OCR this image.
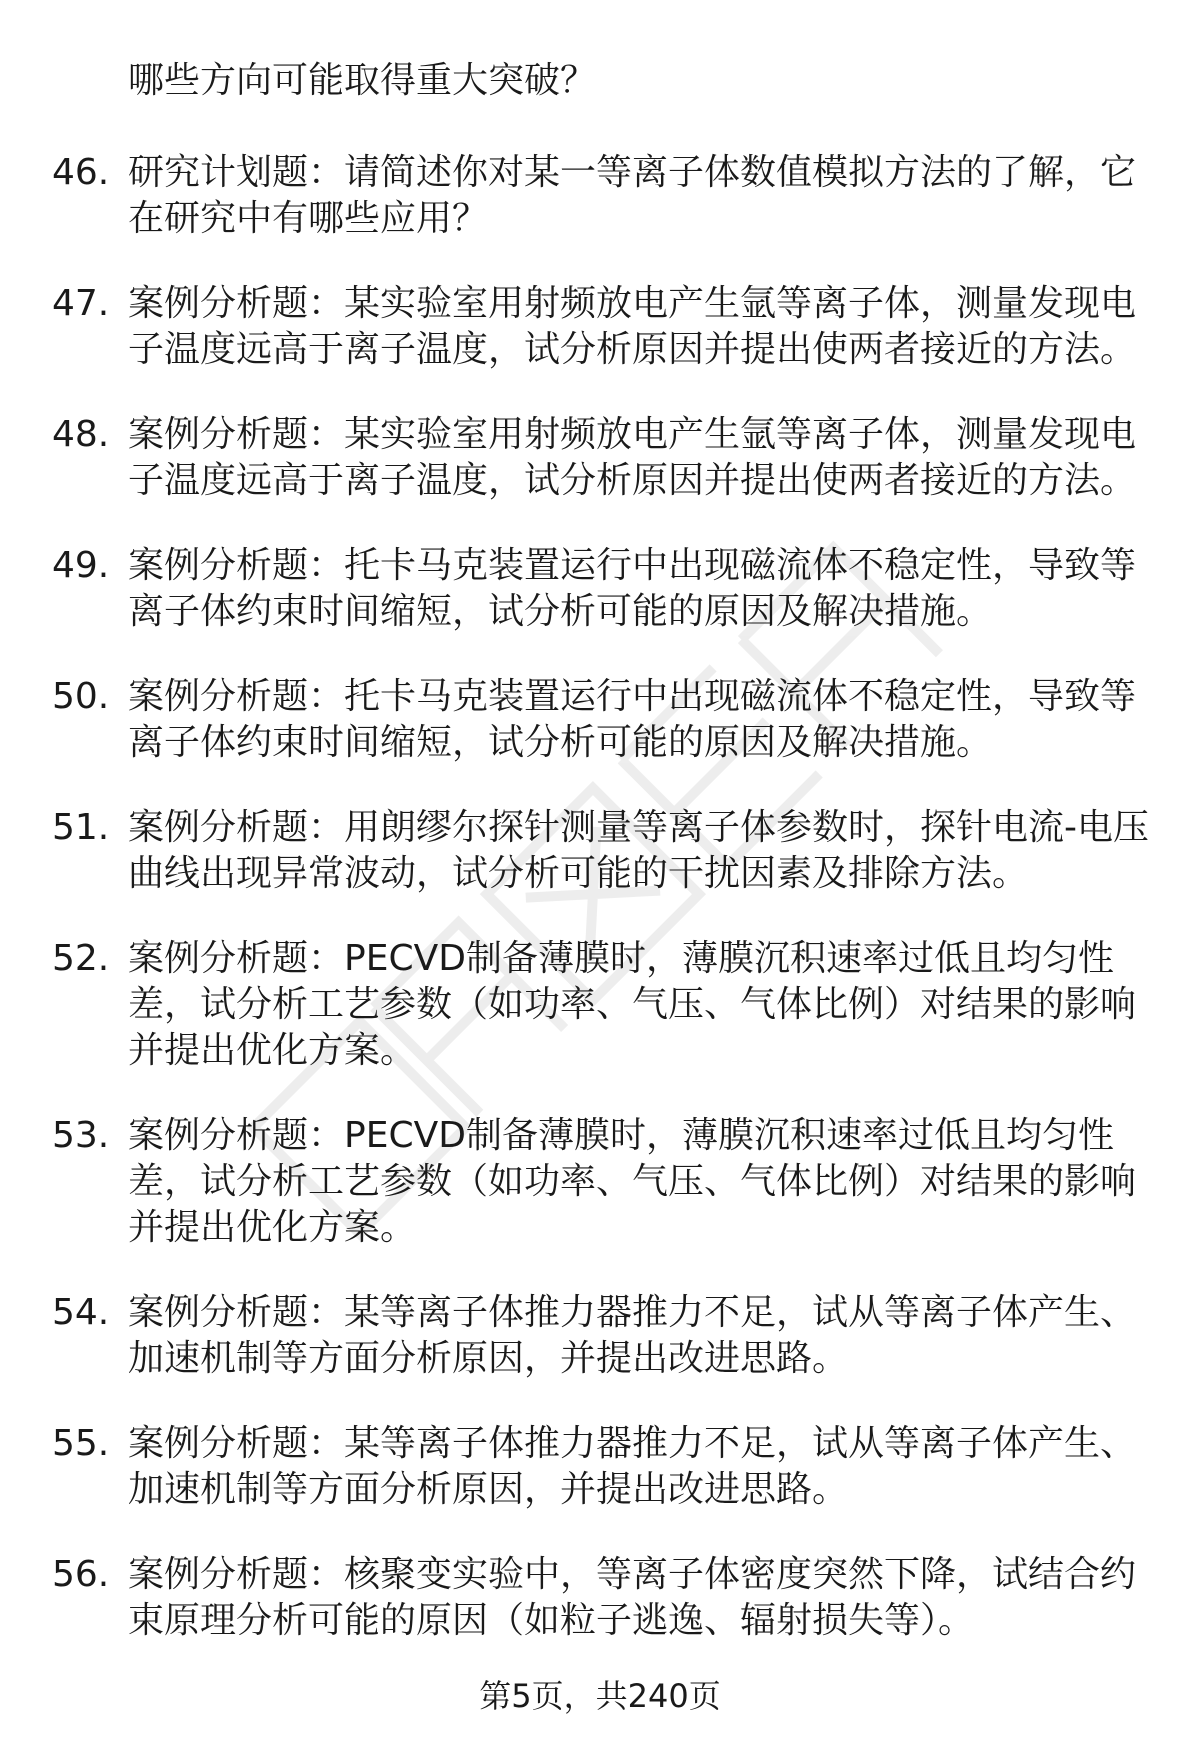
哪些方向可能取得重大突破？

46. 研究计划题：请简述你对某一等离子体数值模拟方法的了解，它在研究中有哪些应用？
47. 案例分析题：某实验室用射频放电产生氩等离子体，测量发现电子温度远高于离子温度，试分析原因并提出使两者接近的方法。
48. 案例分析题：某实验室用射频放电产生氩等离子体，测量发现电子温度远高于离子温度，试分析原因并提出使两者接近的方法。
49. 案例分析题：托卡马克装置运行中出现磁流体不稳定性，导致等离子体约束时间缩短，试分析可能的原因及解决措施。
50. 案例分析题：托卡马克装置运行中出现磁流体不稳定性，导致等离子体约束时间缩短，试分析可能的原因及解决措施。
51. 案例分析题：用朗缪尔探针测量等离子体参数时，探针电流-电压曲线出现异常波动，试分析可能的干扰因素及排除方法。
52. 案例分析题：PECVD制备薄膜时，薄膜沉积速率过低且均匀性差，试分析工艺参数（如功率、气压、气体比例）对结果的影响并提出优化方案。
53. 案例分析题：PECVD制备薄膜时，薄膜沉积速率过低且均匀性差，试分析工艺参数（如功率、气压、气体比例）对结果的影响并提出优化方案。
54. 案例分析题：某等离子体推力器推力不足，试从等离子体产生、加速机制等方面分析原因，并提出改进思路。
55. 案例分析题：某等离子体推力器推力不足，试从等离子体产生、加速机制等方面分析原因，并提出改进思路。
56. 案例分析题：核聚变实验中，等离子体密度突然下降，试结合约束原理分析可能的原因（如粒子逃逸、辐射损失等）。

第5页，共240页
